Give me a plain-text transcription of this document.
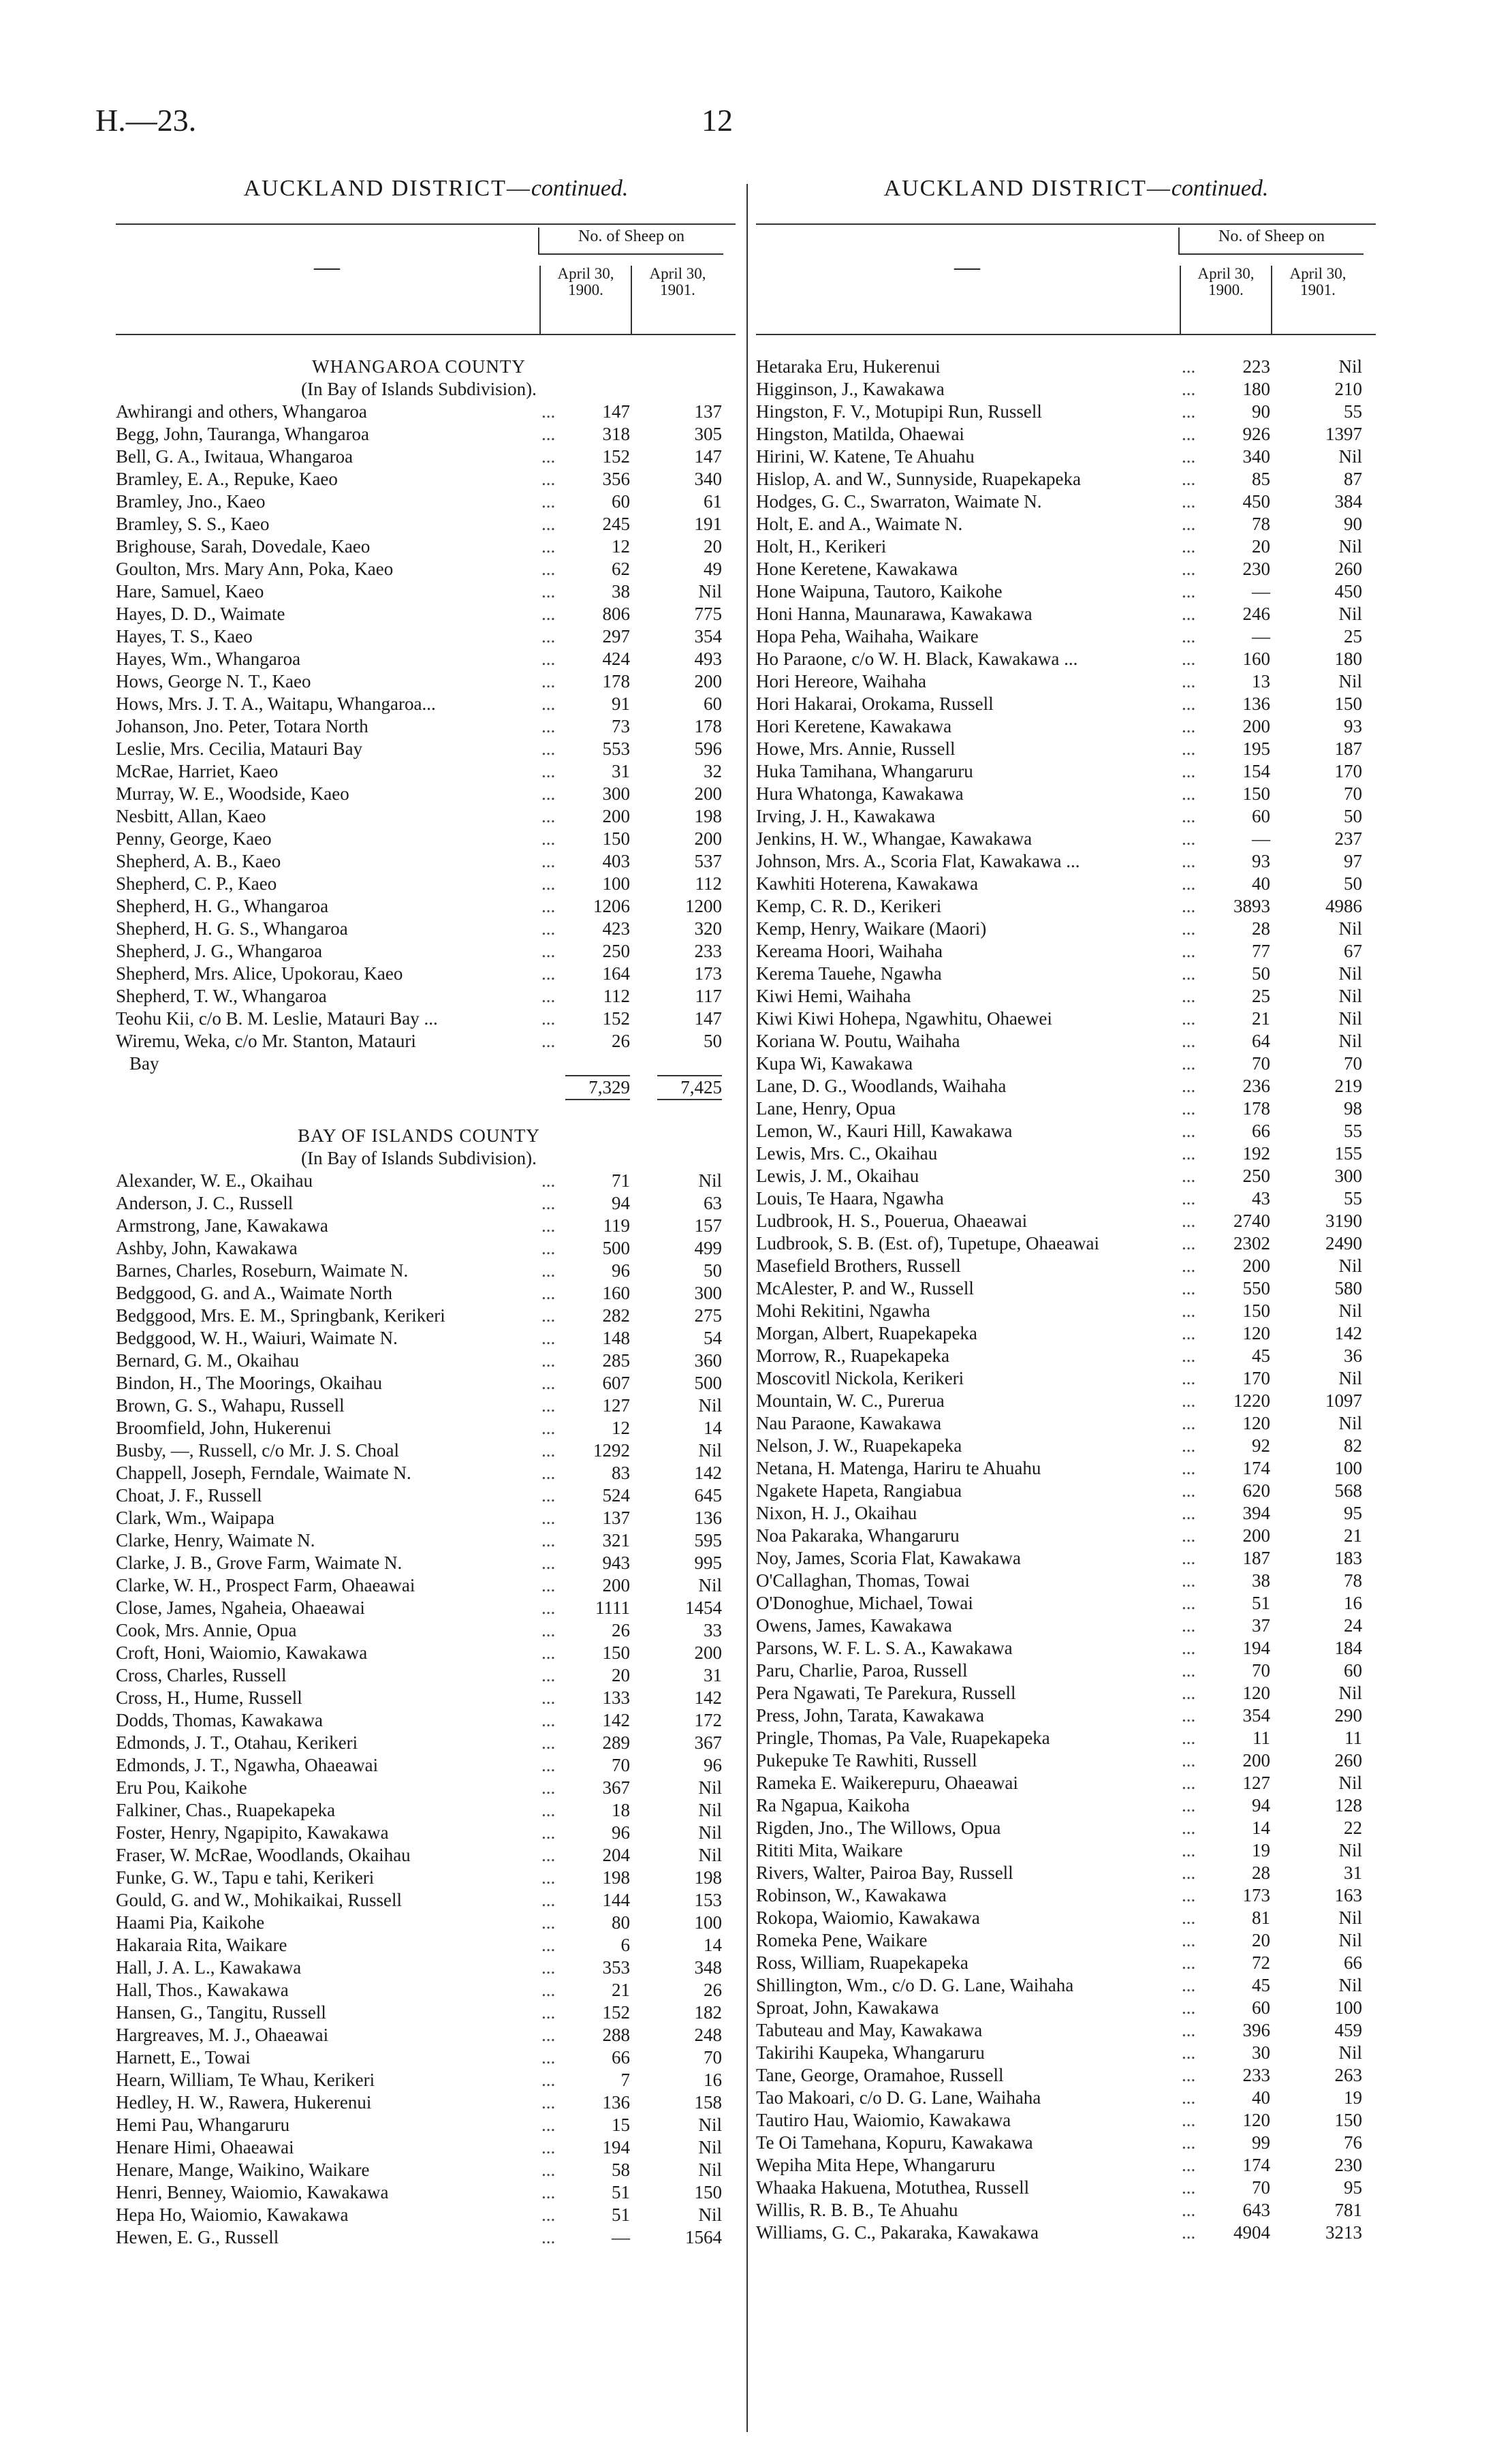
H.—23.	12
AUCKLAND DISTRICT—continued.
—
No. of Sheep on
April 30,
1900.
April 30,
1901.
WHANGAROA COUNTY
(In Bay of Islands Subdivision).
Awhirangi and others, Whangaroa	...	147	137
Begg, John, Tauranga, Whangaroa	...	318	305
Bell, G. A., Iwitaua, Whangaroa	...	152	147
Bramley, E. A., Repuke, Kaeo	...	356	340
Bramley, Jno., Kaeo	...	60	61
Bramley, S. S., Kaeo	...	245	191
Brighouse, Sarah, Dovedale, Kaeo	...	12	20
Goulton, Mrs. Mary Ann, Poka, Kaeo	...	62	49
Hare, Samuel, Kaeo	...	38	Nil
Hayes, D. D., Waimate	...	806	775
Hayes, T. S., Kaeo	...	297	354
Hayes, Wm., Whangaroa	...	424	493
Hows, George N. T., Kaeo	...	178	200
Hows, Mrs. J. T. A., Waitapu, Whangaroa...	...	91	60
Johanson, Jno. Peter, Totara North	...	73	178
Leslie, Mrs. Cecilia, Matauri Bay	...	553	596
McRae, Harriet, Kaeo	...	31	32
Murray, W. E., Woodside, Kaeo	...	300	200
Nesbitt, Allan, Kaeo	...	200	198
Penny, George, Kaeo	...	150	200
Shepherd, A. B., Kaeo	...	403	537
Shepherd, C. P., Kaeo	...	100	112
Shepherd, H. G., Whangaroa	...	1206	1200
Shepherd, H. G. S., Whangaroa	...	423	320
Shepherd, J. G., Whangaroa	...	250	233
Shepherd, Mrs. Alice, Upokorau, Kaeo	...	164	173
Shepherd, T. W., Whangaroa	...	112	117
Teohu Kii, c/o B. M. Leslie, Matauri Bay ...	...	152	147
Wiremu, Weka, c/o Mr. Stanton, Matauri	...	26	50
Bay
7,329	7,425
BAY OF ISLANDS COUNTY
(In Bay of Islands Subdivision).
Alexander, W. E., Okaihau	...	71	Nil
Anderson, J. C., Russell	...	94	63
Armstrong, Jane, Kawakawa	...	119	157
Ashby, John, Kawakawa	...	500	499
Barnes, Charles, Roseburn, Waimate N.	...	96	50
Bedggood, G. and A., Waimate North	...	160	300
Bedggood, Mrs. E. M., Springbank, Kerikeri	...	282	275
Bedggood, W. H., Waiuri, Waimate N.	...	148	54
Bernard, G. M., Okaihau	...	285	360
Bindon, H., The Moorings, Okaihau	...	607	500
Brown, G. S., Wahapu, Russell	...	127	Nil
Broomfield, John, Hukerenui	...	12	14
Busby, —, Russell, c/o Mr. J. S. Choal	...	1292	Nil
Chappell, Joseph, Ferndale, Waimate N.	...	83	142
Choat, J. F., Russell	...	524	645
Clark, Wm., Waipapa	...	137	136
Clarke, Henry, Waimate N.	...	321	595
Clarke, J. B., Grove Farm, Waimate N.	...	943	995
Clarke, W. H., Prospect Farm, Ohaeawai	...	200	Nil
Close, James, Ngaheia, Ohaeawai	...	1111	1454
Cook, Mrs. Annie, Opua	...	26	33
Croft, Honi, Waiomio, Kawakawa	...	150	200
Cross, Charles, Russell	...	20	31
Cross, H., Hume, Russell	...	133	142
Dodds, Thomas, Kawakawa	...	142	172
Edmonds, J. T., Otahau, Kerikeri	...	289	367
Edmonds, J. T., Ngawha, Ohaeawai	...	70	96
Eru Pou, Kaikohe	...	367	Nil
Falkiner, Chas., Ruapekapeka	...	18	Nil
Foster, Henry, Ngapipito, Kawakawa	...	96	Nil
Fraser, W. McRae, Woodlands, Okaihau	...	204	Nil
Funke, G. W., Tapu e tahi, Kerikeri	...	198	198
Gould, G. and W., Mohikaikai, Russell	...	144	153
Haami Pia, Kaikohe	...	80	100
Hakaraia Rita, Waikare	...	6	14
Hall, J. A. L., Kawakawa	...	353	348
Hall, Thos., Kawakawa	...	21	26
Hansen, G., Tangitu, Russell	...	152	182
Hargreaves, M. J., Ohaeawai	...	288	248
Harnett, E., Towai	...	66	70
Hearn, William, Te Whau, Kerikeri	...	7	16
Hedley, H. W., Rawera, Hukerenui	...	136	158
Hemi Pau, Whangaruru	...	15	Nil
Henare Himi, Ohaeawai	...	194	Nil
Henare, Mange, Waikino, Waikare	...	58	Nil
Henri, Benney, Waiomio, Kawakawa	...	51	150
Hepa Ho, Waiomio, Kawakawa	...	51	Nil
Hewen, E. G., Russell	...	—	1564
AUCKLAND DISTRICT—continued.
—
No. of Sheep on
April 30,
1900.
April 30,
1901.
Hetaraka Eru, Hukerenui	...	223	Nil
Higginson, J., Kawakawa	...	180	210
Hingston, F. V., Motupipi Run, Russell	...	90	55
Hingston, Matilda, Ohaewai	...	926	1397
Hirini, W. Katene, Te Ahuahu	...	340	Nil
Hislop, A. and W., Sunnyside, Ruapekapeka	...	85	87
Hodges, G. C., Swarraton, Waimate N.	...	450	384
Holt, E. and A., Waimate N.	...	78	90
Holt, H., Kerikeri	...	20	Nil
Hone Keretene, Kawakawa	...	230	260
Hone Waipuna, Tautoro, Kaikohe	...	—	450
Honi Hanna, Maunarawa, Kawakawa	...	246	Nil
Hopa Peha, Waihaha, Waikare	...	—	25
Ho Paraone, c/o W. H. Black, Kawakawa ...	...	160	180
Hori Hereore, Waihaha	...	13	Nil
Hori Hakarai, Orokama, Russell	...	136	150
Hori Keretene, Kawakawa	...	200	93
Howe, Mrs. Annie, Russell	...	195	187
Huka Tamihana, Whangaruru	...	154	170
Hura Whatonga, Kawakawa	...	150	70
Irving, J. H., Kawakawa	...	60	50
Jenkins, H. W., Whangae, Kawakawa	...	—	237
Johnson, Mrs. A., Scoria Flat, Kawakawa ...	...	93	97
Kawhiti Hoterena, Kawakawa	...	40	50
Kemp, C. R. D., Kerikeri	...	3893	4986
Kemp, Henry, Waikare (Maori)	...	28	Nil
Kereama Hoori, Waihaha	...	77	67
Kerema Tauehe, Ngawha	...	50	Nil
Kiwi Hemi, Waihaha	...	25	Nil
Kiwi Kiwi Hohepa, Ngawhitu, Ohaewei	...	21	Nil
Koriana W. Poutu, Waihaha	...	64	Nil
Kupa Wi, Kawakawa	...	70	70
Lane, D. G., Woodlands, Waihaha	...	236	219
Lane, Henry, Opua	...	178	98
Lemon, W., Kauri Hill, Kawakawa	...	66	55
Lewis, Mrs. C., Okaihau	...	192	155
Lewis, J. M., Okaihau	...	250	300
Louis, Te Haara, Ngawha	...	43	55
Ludbrook, H. S., Pouerua, Ohaeawai	...	2740	3190
Ludbrook, S. B. (Est. of), Tupetupe, Ohaeawai	...	2302	2490
Masefield Brothers, Russell	...	200	Nil
McAlester, P. and W., Russell	...	550	580
Mohi Rekitini, Ngawha	...	150	Nil
Morgan, Albert, Ruapekapeka	...	120	142
Morrow, R., Ruapekapeka	...	45	36
Moscovitl Nickola, Kerikeri	...	170	Nil
Mountain, W. C., Pureruа	...	1220	1097
Nau Paraone, Kawakawa	...	120	Nil
Nelson, J. W., Ruapekapeka	...	92	82
Netana, H. Matenga, Hariru te Ahuahu	...	174	100
Ngakete Hapeta, Rangiabua	...	620	568
Nixon, H. J., Okaihau	...	394	95
Noa Pakaraka, Whangaruru	...	200	21
Noy, James, Scoria Flat, Kawakawa	...	187	183
O'Callaghan, Thomas, Towai	...	38	78
O'Donoghue, Michael, Towai	...	51	16
Owens, James, Kawakawa	...	37	24
Parsons, W. F. L. S. A., Kawakawa	...	194	184
Paru, Charlie, Paroa, Russell	...	70	60
Pera Ngawati, Te Parekura, Russell	...	120	Nil
Press, John, Tarata, Kawakawa	...	354	290
Pringle, Thomas, Pa Vale, Ruapekapeka	...	11	11
Pukepuke Te Rawhiti, Russell	...	200	260
Rameka E. Waikerepuru, Ohaeawai	...	127	Nil
Ra Ngapua, Kaikoha	...	94	128
Rigden, Jno., The Willows, Opua	...	14	22
Rititi Mita, Waikare	...	19	Nil
Rivers, Walter, Pairoa Bay, Russell	...	28	31
Robinson, W., Kawakawa	...	173	163
Rokopa, Waiomio, Kawakawa	...	81	Nil
Romeka Pene, Waikare	...	20	Nil
Ross, William, Ruapekapeka	...	72	66
Shillington, Wm., c/o D. G. Lane, Waihaha	...	45	Nil
Sproat, John, Kawakawa	...	60	100
Tabuteau and May, Kawakawa	...	396	459
Takirihi Kaupeka, Whangaruru	...	30	Nil
Tane, George, Oramahoe, Russell	...	233	263
Tao Makoari, c/o D. G. Lane, Waihaha	...	40	19
Tautiro Hau, Waiomio, Kawakawa	...	120	150
Te Oi Tamehana, Kopuru, Kawakawa	...	99	76
Wepiha Mita Hepe, Whangaruru	...	174	230
Whaaka Hakuena, Motuthea, Russell	...	70	95
Willis, R. B. B., Te Ahuahu	...	643	781
Williams, G. C., Pakaraka, Kawakawa	...	4904	3213
